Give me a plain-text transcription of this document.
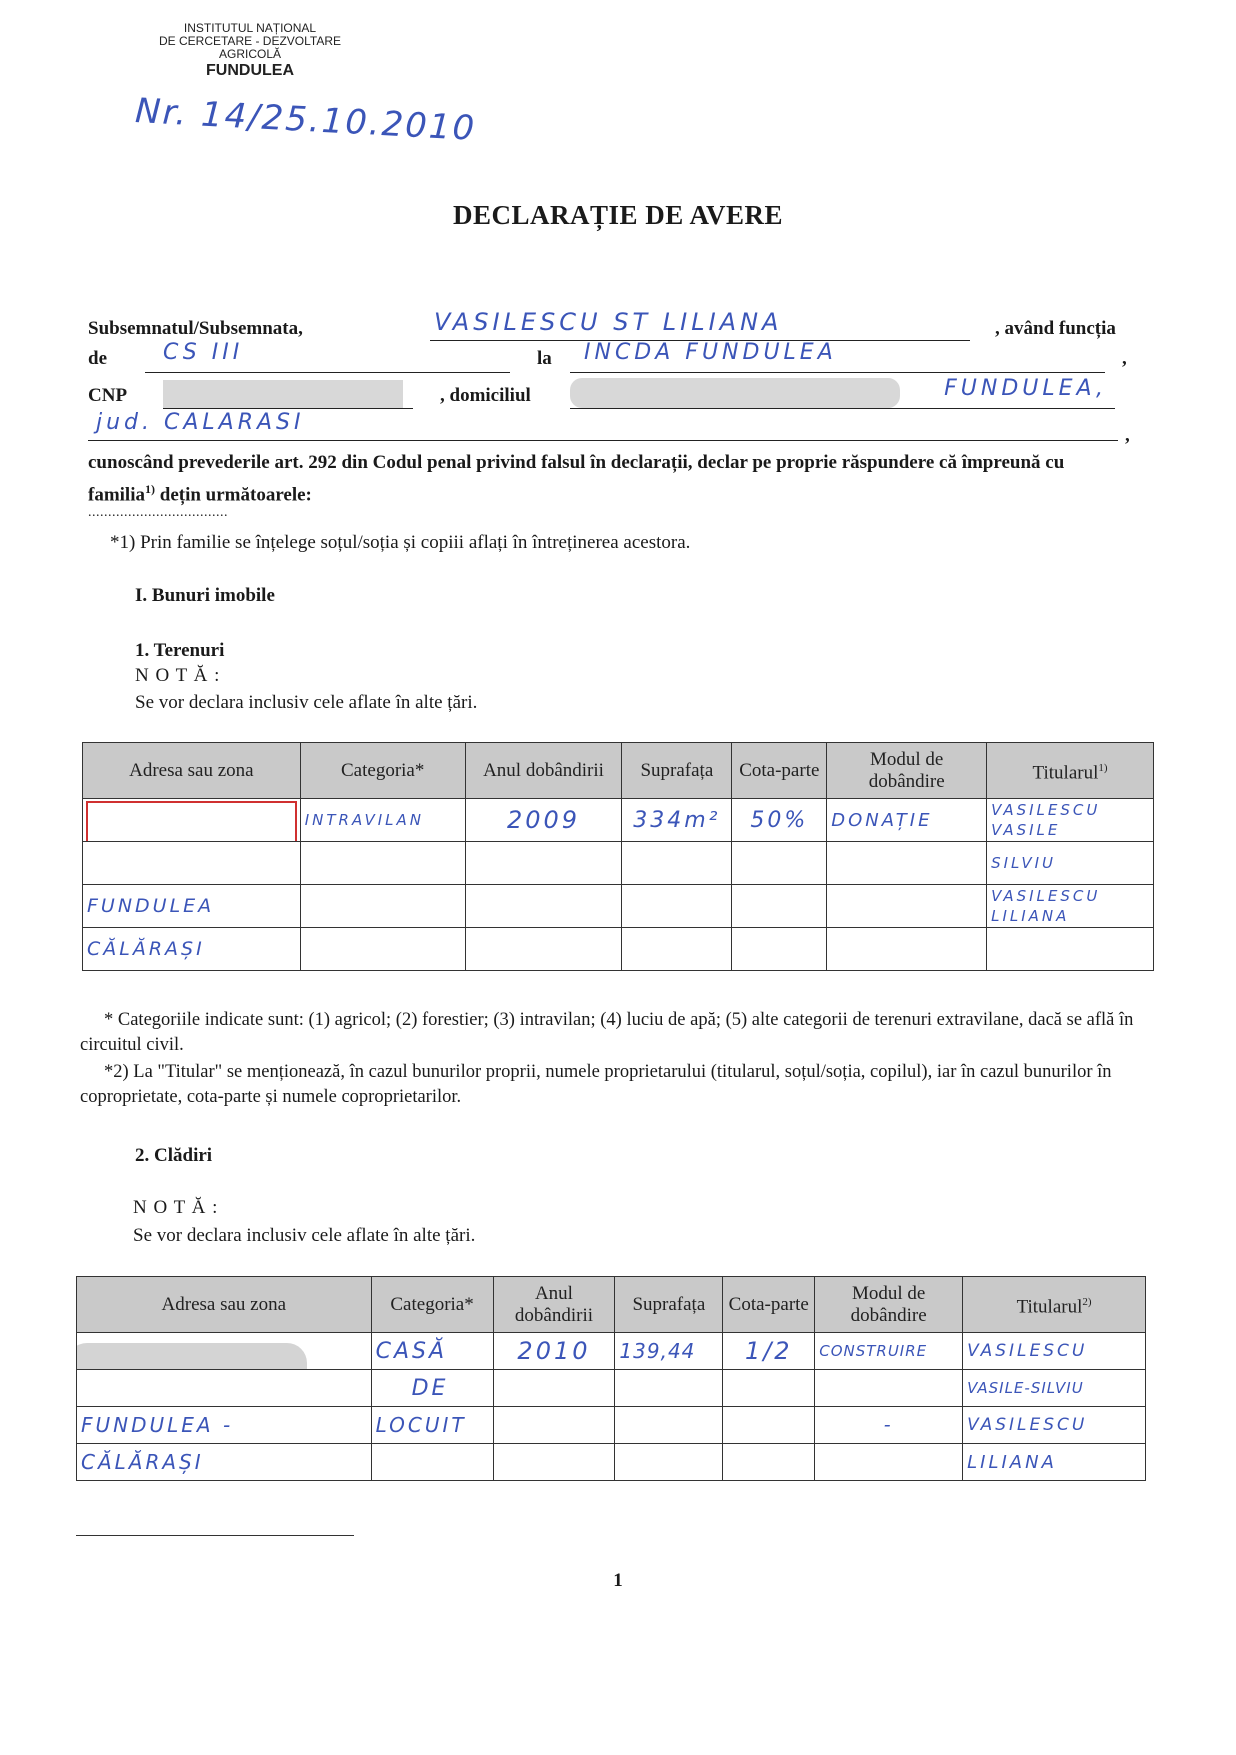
INSTITUTUL NAȚIONAL
DE CERCETARE - DEZVOLTARE
AGRICOLĂ
FUNDULEA
Nr. 14/25.10.2010
DECLARAȚIE DE AVERE
Subsemnatul/Subsemnata,	VASILESCU ST LILIANA	, având funcția
de	CS III	la INCDA FUNDULEA	,
CNP	, domiciliul	FUNDULEA,
jud. CALARASI
,
cunoscând prevederile art. 292 din Codul penal privind falsul în declarații, declar pe proprie răspundere că împreună cu familia$^{1)}$ dețin următoarele:
...................................
*1) Prin familie se înțelege soțul/soția și copiii aflați în întreținerea acestora.
I. Bunuri imobile
1. Terenuri
N O T Ă :
Se vor declara inclusiv cele aflate în alte țări.
Adresa sau zona	Categoria*	Anul dobândirii	Suprafața	Cota-parte	Modul de dobândire	Titularul$^{1)}$

	INTRAVILAN	2009	334m²	50%	DONAȚIE	VASILESCU VASILE
						SILVIU
FUNDULEA						VASILESCU LILIANA
CĂLĂRAȘI						
* Categoriile indicate sunt: (1) agricol; (2) forestier; (3) intravilan; (4) luciu de apă; (5) alte categorii de terenuri extravilane, dacă se află în circuitul civil.
*2) La "Titular" se menționează, în cazul bunurilor proprii, numele proprietarului (titularul, soțul/soția, copilul), iar în cazul bunurilor în coproprietate, cota-parte și numele coproprietarilor.
2. Clădiri
N O T Ă :
Se vor declara inclusiv cele aflate în alte țări.
Adresa sau zona	Categoria*	Anul dobândirii	Suprafața	Cota-parte	Modul de dobândire	Titularul$^{2)}$

	CASĂ	2010	139,44	1/2	CONSTRUIRE	VASILESCU
	DE					VASILE-SILVIU
FUNDULEA -	LOCUIT				-	VASILESCU
CĂLĂRAȘI						LILIANA
1
